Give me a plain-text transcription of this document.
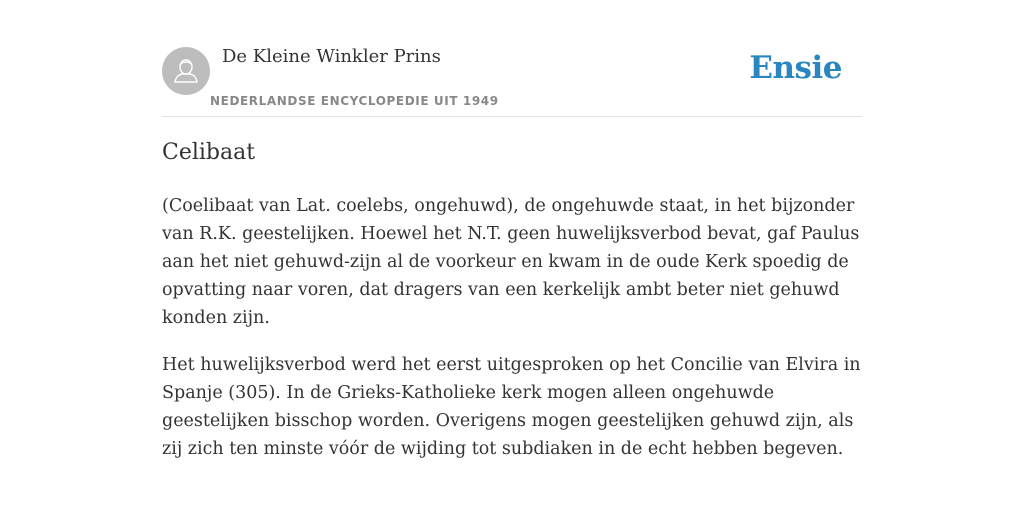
De Kleine Winkler Prins
NEDERLANDSE ENCYCLOPEDIE UIT 1949
Ensie
Celibaat

(Coelibaat van Lat. coelebs, ongehuwd), de ongehuwde staat, in het bijzonder van R.K. geestelijken. Hoewel het N.T. geen huwelijksverbod bevat, gaf Paulus aan het niet gehuwd-zijn al de voorkeur en kwam in de oude Kerk spoedig de opvatting naar voren, dat dragers van een kerkelijk ambt beter niet gehuwd konden zijn.

Het huwelijksverbod werd het eerst uitgesproken op het Concilie van Elvira in Spanje (305). In de Grieks-Katholieke kerk mogen alleen ongehuwde geestelijken bisschop worden. Overigens mogen geestelijken gehuwd zijn, als zij zich ten minste vóór de wijding tot subdiaken in de echt hebben begeven.
